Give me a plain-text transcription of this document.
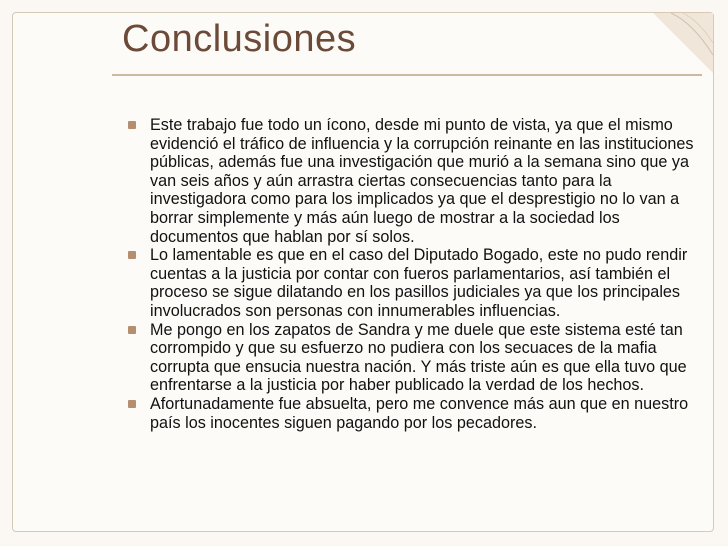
Conclusiones
Este trabajo fue todo un ícono, desde mi punto de vista, ya que el mismo evidenció el tráfico de influencia y la corrupción reinante en las instituciones públicas, además fue una investigación que murió a la semana sino que ya van seis años y aún arrastra ciertas consecuencias tanto para la investigadora como para los implicados ya que el desprestigio no lo van a borrar simplemente y más aún luego de mostrar a la sociedad los documentos que hablan por sí solos.
Lo lamentable es que en el caso del Diputado Bogado, este no pudo rendir cuentas a la justicia por contar con fueros parlamentarios, así también el proceso se sigue dilatando en los pasillos judiciales ya que los principales involucrados son personas con innumerables influencias.
Me pongo en los zapatos de Sandra y me duele que este sistema esté tan corrompido y que su esfuerzo no pudiera con los secuaces de la mafia corrupta que ensucia nuestra nación. Y más triste aún es que ella tuvo que enfrentarse a la justicia por haber publicado la verdad de los hechos.
Afortunadamente fue absuelta, pero me convence más aun que en nuestro país los inocentes siguen pagando por los pecadores.
